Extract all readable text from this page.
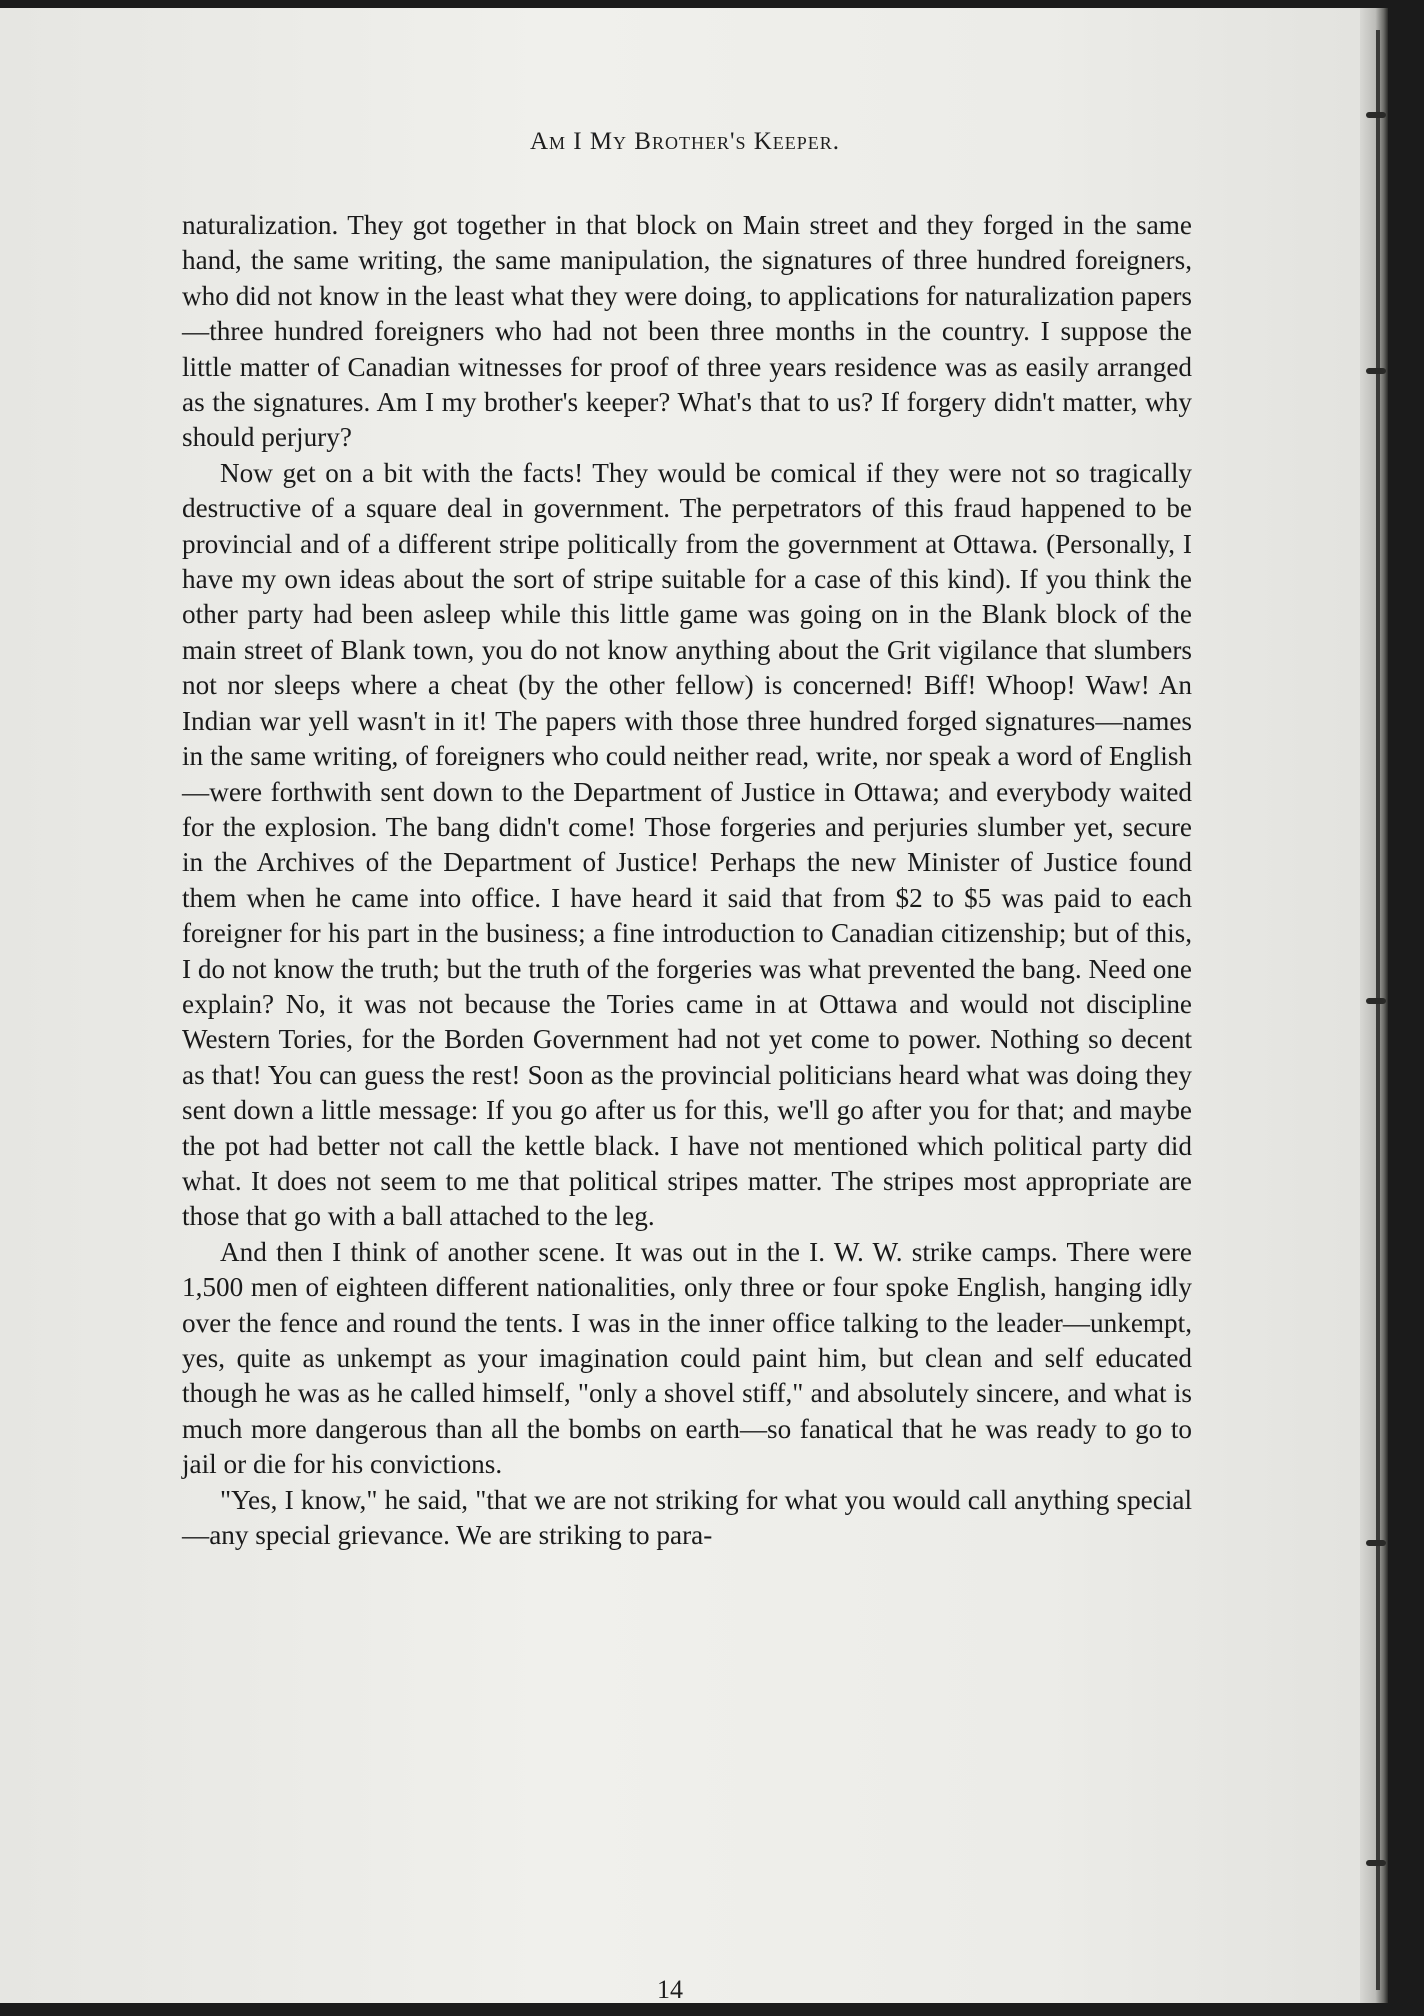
Am I My Brother's Keeper.

naturalization. They got together in that block on Main street and they forged in the same hand, the same writing, the same manipulation, the signatures of three hundred foreigners, who did not know in the least what they were doing, to applications for naturalization papers—three hundred foreigners who had not been three months in the country. I suppose the little matter of Canadian witnesses for proof of three years residence was as easily arranged as the signatures. Am I my brother's keeper? What's that to us? If forgery didn't matter, why should perjury?

Now get on a bit with the facts! They would be comical if they were not so tragically destructive of a square deal in government. The perpetrators of this fraud happened to be provincial and of a different stripe politically from the government at Ottawa. (Personally, I have my own ideas about the sort of stripe suitable for a case of this kind). If you think the other party had been asleep while this little game was going on in the Blank block of the main street of Blank town, you do not know anything about the Grit vigilance that slumbers not nor sleeps where a cheat (by the other fellow) is concerned! Biff! Whoop! Waw! An Indian war yell wasn't in it! The papers with those three hundred forged signatures—names in the same writing, of foreigners who could neither read, write, nor speak a word of English—were forthwith sent down to the Department of Justice in Ottawa; and everybody waited for the explosion. The bang didn't come! Those forgeries and perjuries slumber yet, secure in the Archives of the Department of Justice! Perhaps the new Minister of Justice found them when he came into office. I have heard it said that from $2 to $5 was paid to each foreigner for his part in the business; a fine introduction to Canadian citizenship; but of this, I do not know the truth; but the truth of the forgeries was what prevented the bang. Need one explain? No, it was not because the Tories came in at Ottawa and would not discipline Western Tories, for the Borden Government had not yet come to power. Nothing so decent as that! You can guess the rest! Soon as the provincial politicians heard what was doing they sent down a little message: If you go after us for this, we'll go after you for that; and maybe the pot had better not call the kettle black. I have not mentioned which political party did what. It does not seem to me that political stripes matter. The stripes most appropriate are those that go with a ball attached to the leg.

And then I think of another scene. It was out in the I. W. W. strike camps. There were 1,500 men of eighteen different nationalities, only three or four spoke English, hanging idly over the fence and round the tents. I was in the inner office talking to the leader—unkempt, yes, quite as unkempt as your imagination could paint him, but clean and self educated though he was as he called himself, "only a shovel stiff," and absolutely sincere, and what is much more dangerous than all the bombs on earth—so fanatical that he was ready to go to jail or die for his convictions.

"Yes, I know," he said, "that we are not striking for what you would call anything special—any special grievance. We are striking to para-

14
